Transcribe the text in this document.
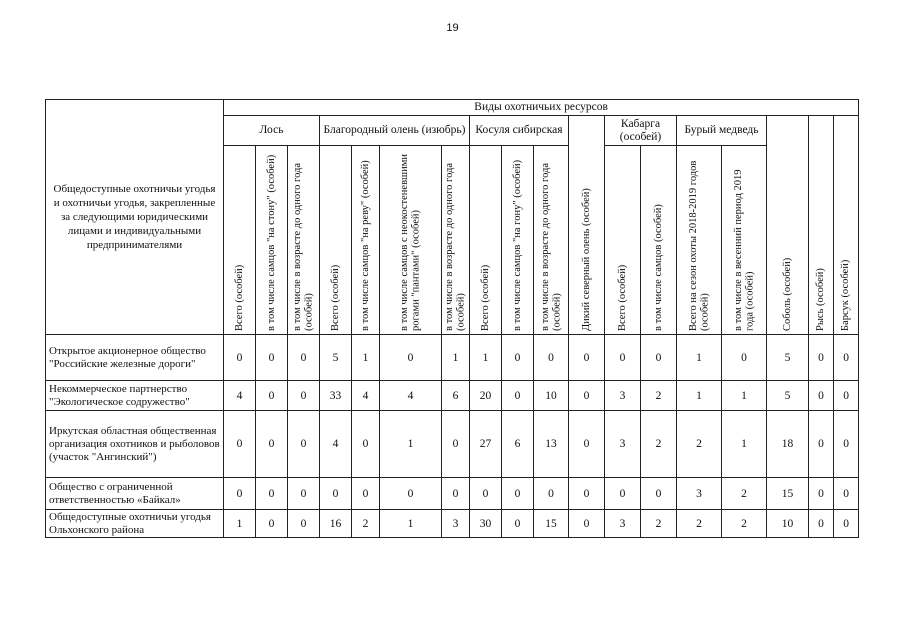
19
Общедоступные охотничьи угодья и охотничьи угодья, закрепленные за следующими юридическими лицами и индивидуальными предпринимателями	Виды охотничьих ресурсов																	
	Лось			Благородный олень (изюбрь)				Косуля сибирская			Дикий северный олень (особей)	Кабарга (особей)		Бурый медведь		Соболь (особей)	Рысь (особей)	Барсук (особей)

	Всего (особей)	в том числе самцов "на стону" (особей)	в том числе в возрасте до одного года (особей)	Всего (особей)	в том числе самцов "на реву" (особей)	в том числе самцов с неокостеневшими рогами "пантами" (особей)	в том числе в возрасте до одного года (особей)	Всего (особей)	в том числе самцов "на гону" (особей)	в том числе в возрасте до одного года (особей)		Всего (особей)	в том числе самцов (особей)	Всего на сезон охоты 2018-2019 годов (особей)	в том числе в весенний период 2019 года (особей)			

Открытое акционерное общество "Российские железные дороги"	0	0	0	5	1	0	1	1	0	0	0	0	0	1	0	5	0	0
Некоммерческое партнерство "Экологическое содружество"	4	0	0	33	4	4	6	20	0	10	0	3	2	1	1	5	0	0
Иркутская областная общественная организация охотников и рыболовов (участок "Ангинский")	0	0	0	4	0	1	0	27	6	13	0	3	2	2	1	18	0	0
Общество с ограниченной ответственностью «Байкал»	0	0	0	0	0	0	0	0	0	0	0	0	0	3	2	15	0	0
Общедоступные охотничьи угодья Ольхонского района	1	0	0	16	2	1	3	30	0	15	0	3	2	2	2	10	0	0
